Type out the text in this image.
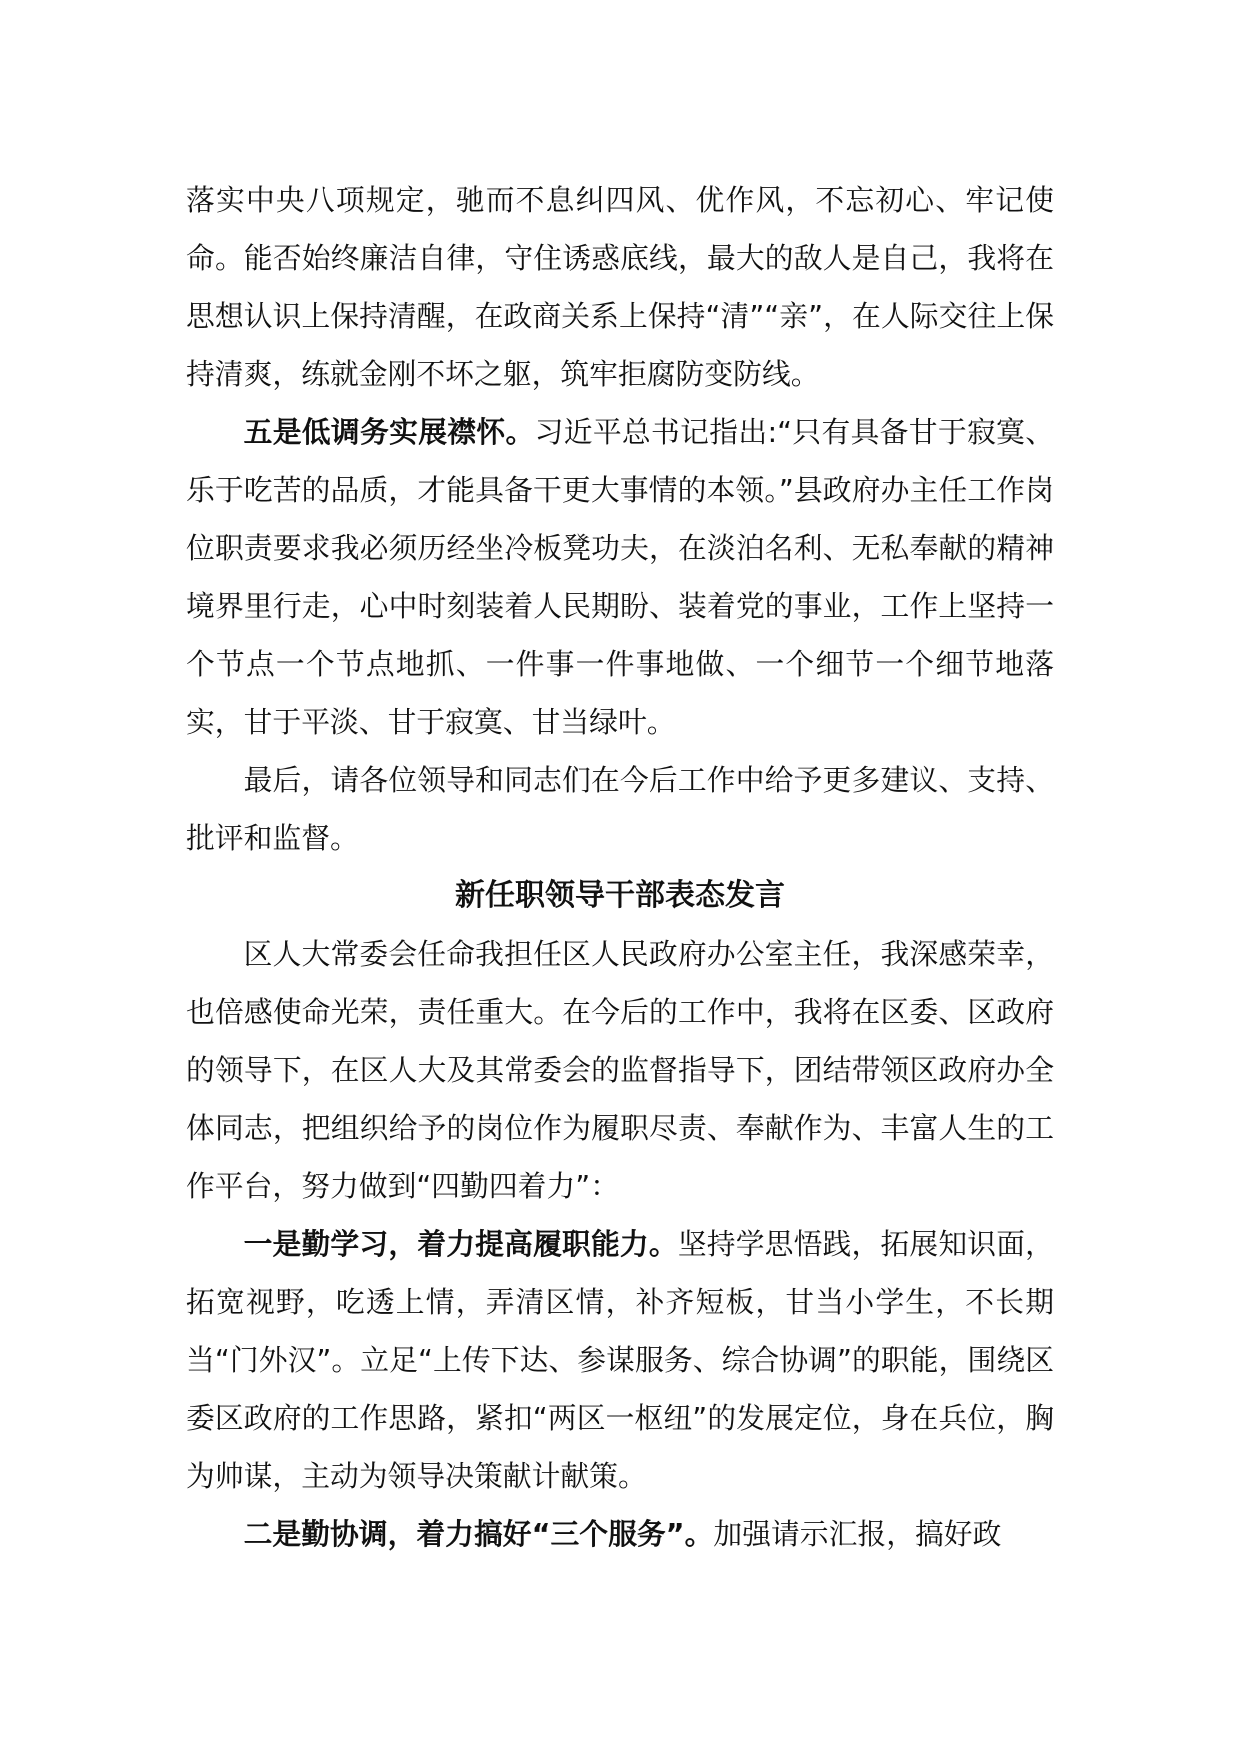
落实中央八项规定，驰而不息纠四风、优作风，不忘初心、牢记使命。能否始终廉洁自律，守住诱惑底线，最大的敌人是自己，我将在思想认识上保持清醒，在政商关系上保持“清”“亲”，在人际交往上保持清爽，练就金刚不坏之躯，筑牢拒腐防变防线。

五是低调务实展襟怀。习近平总书记指出:“只有具备甘于寂寞、乐于吃苦的品质，才能具备干更大事情的本领。”县政府办主任工作岗位职责要求我必须历经坐冷板凳功夫，在淡泊名利、无私奉献的精神境界里行走，心中时刻装着人民期盼、装着党的事业，工作上坚持一个节点一个节点地抓、一件事一件事地做、一个细节一个细节地落实，甘于平淡、甘于寂寞、甘当绿叶。

最后，请各位领导和同志们在今后工作中给予更多建议、支持、批评和监督。

新任职领导干部表态发言

区人大常委会任命我担任区人民政府办公室主任，我深感荣幸，也倍感使命光荣，责任重大。在今后的工作中，我将在区委、区政府的领导下，在区人大及其常委会的监督指导下，团结带领区政府办全体同志，把组织给予的岗位作为履职尽责、奉献作为、丰富人生的工作平台，努力做到“四勤四着力”：

一是勤学习，着力提高履职能力。坚持学思悟践，拓展知识面，拓宽视野，吃透上情，弄清区情，补齐短板，甘当小学生，不长期当“门外汉”。立足“上传下达、参谋服务、综合协调”的职能，围绕区委区政府的工作思路，紧扣“两区一枢纽”的发展定位，身在兵位，胸为帅谋，主动为领导决策献计献策。

二是勤协调，着力搞好“三个服务”。加强请示汇报，搞好政
